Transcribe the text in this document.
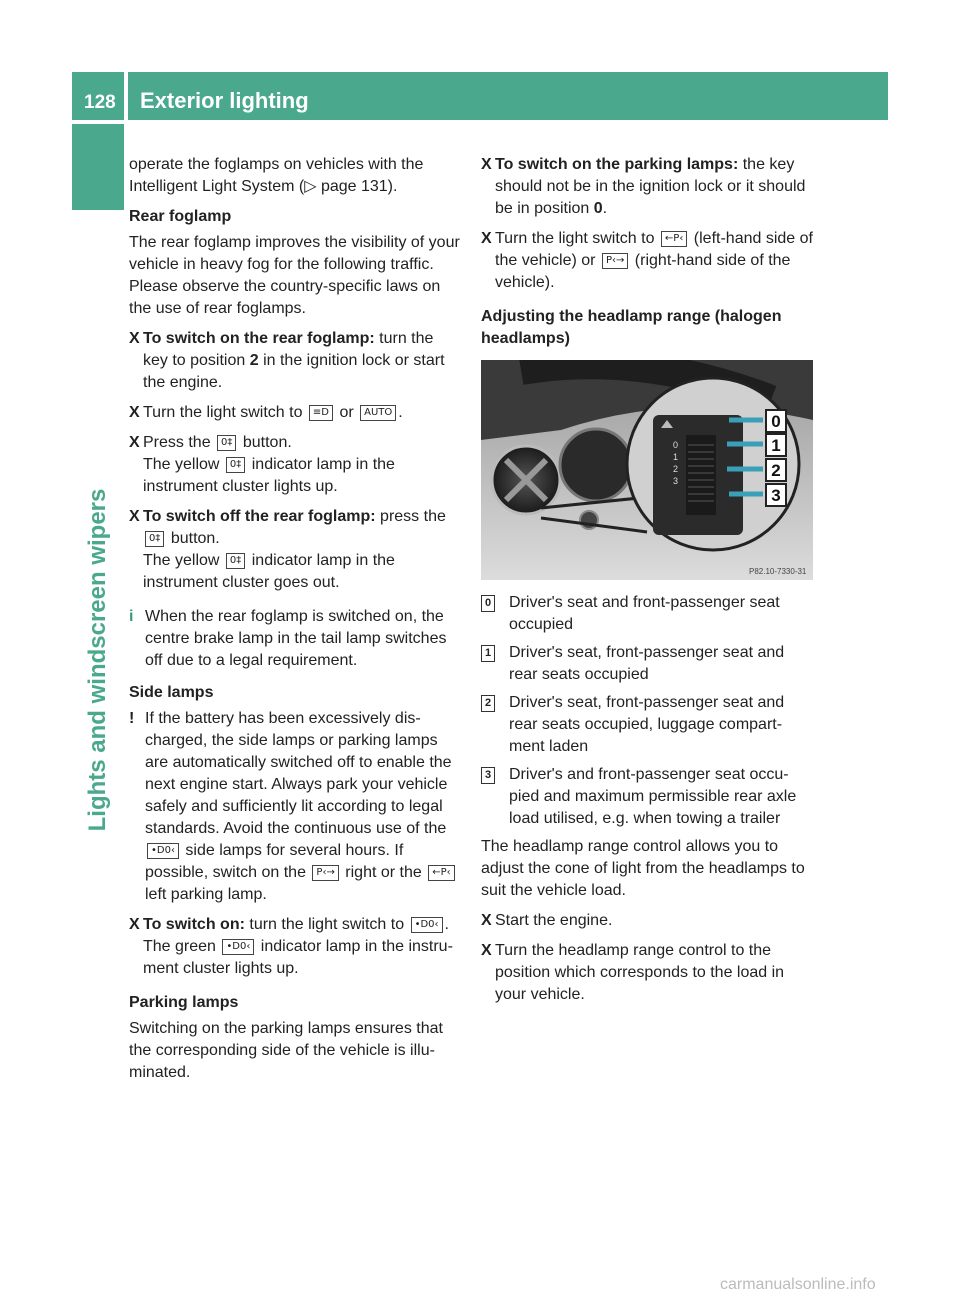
128 Exterior lighting
Lights and windscreen wipers

operate the foglamps on vehicles with the Intelligent Light System (▷ page 131).

Rear foglamp

The rear foglamp improves the visibility of your vehicle in heavy fog for the following traffic. Please observe the country-specific laws on the use of rear foglamps.

X To switch on the rear foglamp: turn the key to position 2 in the ignition lock or start the engine.
X Turn the light switch to ≡D or AUTO .
X Press the 0‡ button.
The yellow 0‡ indicator lamp in the instrument cluster lights up.
X To switch off the rear foglamp: press the
0‡ button.
The yellow 0‡ indicator lamp in the instrument cluster goes out.
i When the rear foglamp is switched on, the centre brake lamp in the tail lamp switches off due to a legal requirement.
Side lamps
! If the battery has been excessively dis-charged, the side lamps or parking lamps are automatically switched off to enable the next engine start. Always park your vehicle safely and sufficiently lit according to legal standards. Avoid the continuous use of the •D0‹ side lamps for several hours. If possible, switch on the P‹→ right or the ←P‹ left parking lamp.
X To switch on: turn the light switch to •D0‹ .
The green •D0‹ indicator lamp in the instru-ment cluster lights up.
Parking lamps

Switching on the parking lamps ensures that the corresponding side of the vehicle is illu-minated.

X To switch on the parking lamps: the key should not be in the ignition lock or it should be in position 0.
X Turn the light switch to ←P‹ (left-hand side of the vehicle) or P‹→ (right-hand side of the vehicle).
Adjusting the headlamp range (halogen headlamps)
0
1
2
3
0
1
2
3
P82.10-7330-31
0 Driver's seat and front-passenger seat occupied
1 Driver's seat, front-passenger seat and rear seats occupied
2 Driver's seat, front-passenger seat and rear seats occupied, luggage compart-ment laden
3 Driver's and front-passenger seat occu-pied and maximum permissible rear axle load utilised, e.g. when towing a trailer

The headlamp range control allows you to adjust the cone of light from the headlamps to suit the vehicle load.

X Start the engine.
X Turn the headlamp range control to the position which corresponds to the load in your vehicle.
carmanualsonline.info
